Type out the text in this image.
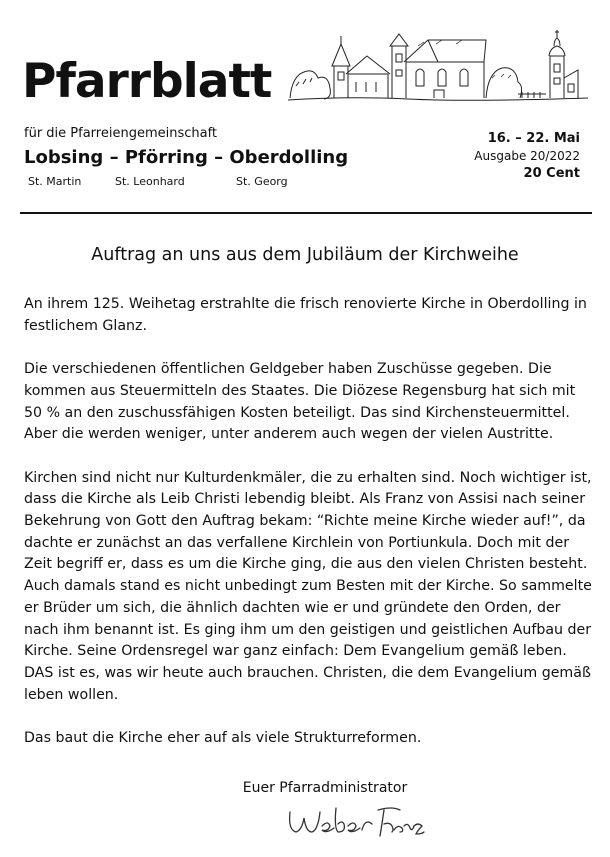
Pfarrblatt
für die Pfarreiengemeinschaft
Lobsing – Pförring – Oberdolling
St. Martin	St. Leonhard	St. Georg
16. – 22. Mai
Ausgabe 20/2022
20 Cent
Auftrag an uns aus dem Jubiläum der Kirchweihe

An ihrem 125. Weihetag erstrahlte die frisch renovierte Kirche in Oberdolling in festlichem Glanz.

Die verschiedenen öffentlichen Geldgeber haben Zuschüsse gegeben. Die kommen aus Steuermitteln des Staates. Die Diözese Regensburg hat sich mit 50 % an den zuschussfähigen Kosten beteiligt. Das sind Kirchensteuermittel. Aber die werden weniger, unter anderem auch wegen der vielen Austritte.

Kirchen sind nicht nur Kulturdenkmäler, die zu erhalten sind. Noch wichtiger ist, dass die Kirche als Leib Christi lebendig bleibt. Als Franz von Assisi nach seiner Bekehrung von Gott den Auftrag bekam: “Richte meine Kirche wieder auf!”, da dachte er zunächst an das verfallene Kirchlein von Portiunkula. Doch mit der Zeit begriff er, dass es um die Kirche ging, die aus den vielen Christen besteht. Auch damals stand es nicht unbedingt zum Besten mit der Kirche. So sammelte er Brüder um sich, die ähnlich dachten wie er und gründete den Orden, der nach ihm benannt ist. Es ging ihm um den geistigen und geistlichen Aufbau der Kirche. Seine Ordensregel war ganz einfach: Dem Evangelium gemäß leben. DAS ist es, was wir heute auch brauchen. Christen, die dem Evangelium gemäß leben wollen.

Das baut die Kirche eher auf als viele Strukturreformen.

Euer Pfarradministrator
